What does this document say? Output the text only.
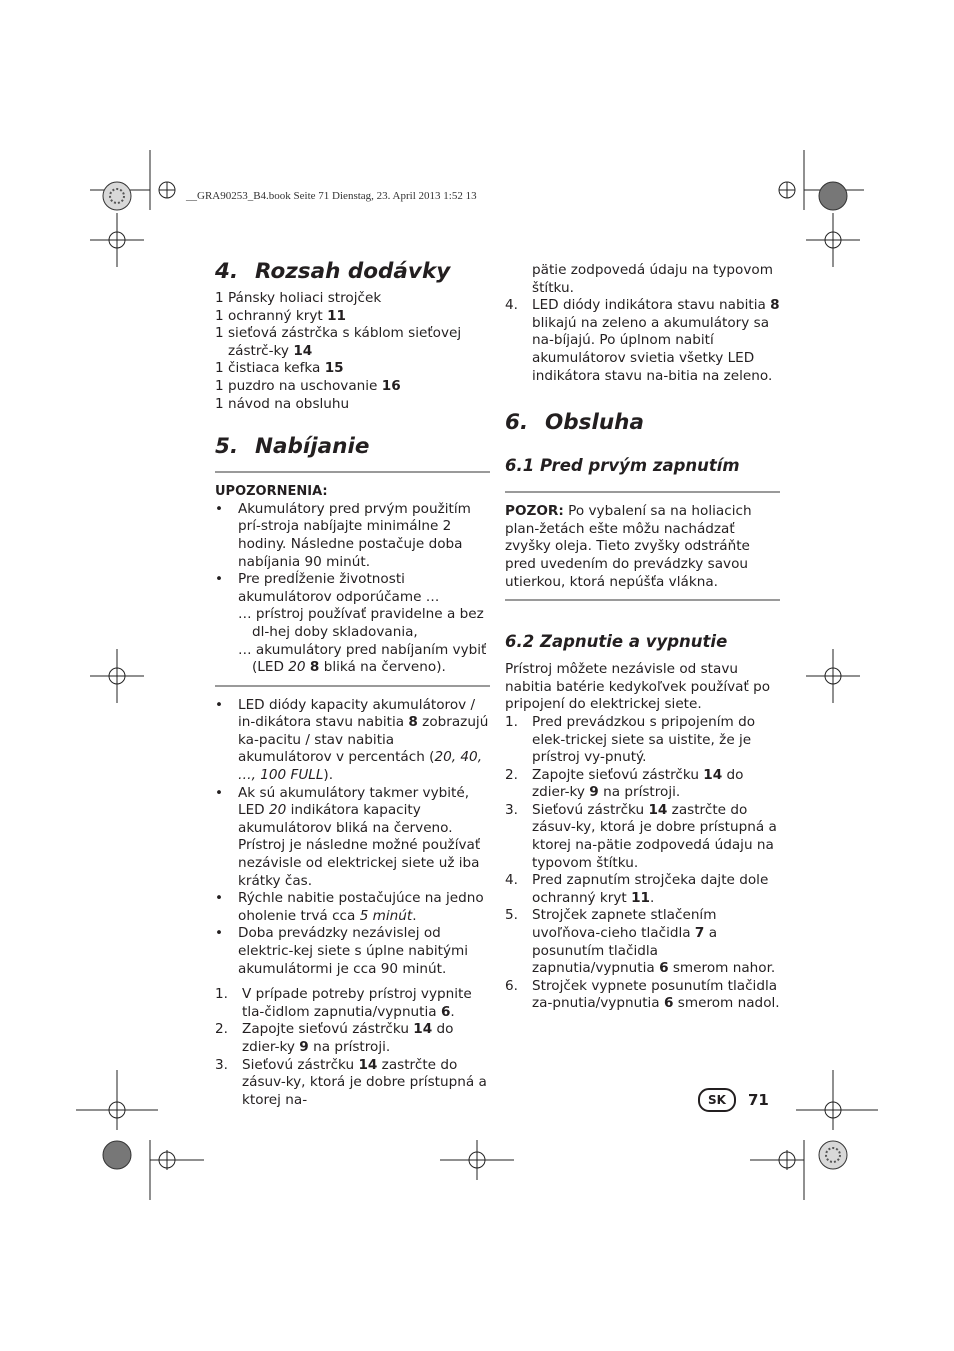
__GRA90253_B4.book Seite 71 Dienstag, 23. April 2013 1:52 13
4. Rozsah dodávky

1 Pánsky holiaci strojček

1 ochranný kryt 11

1 sieťová zástrčka s káblom sieťovej zástrč-ky 14

1 čistiaca kefka 15

1 puzdro na uschovanie 16

1 návod na obsluhu

5. Nabíjanie

UPOZORNENIA:

• Akumulátory pred prvým použitím prí-stroja nabíjajte minimálne 2 hodiny. Následne postačuje doba nabíjania 90 minút.
• Pre predĺženie životnosti akumulátorov odporúčame …

… prístroj používať pravidelne a bez dl-hej doby skladovania,

… akumulátory pred nabíjaním vybiť (LED 20 8 bliká na červeno).

• LED diódy kapacity akumulátorov / in-dikátora stavu nabitia 8 zobrazujú ka-pacitu / stav nabitia akumulátorov v percentách (20, 40, …, 100 FULL).
• Ak sú akumulátory takmer vybité, LED 20 indikátora kapacity akumulátorov bliká na červeno. Prístroj je následne možné používať nezávisle od elektrickej siete už iba krátky čas.
• Rýchle nabitie postačujúce na jedno oholenie trvá cca 5 minút.
• Doba prevádzky nezávislej od elektric-kej siete s úplne nabitými akumulátormi je cca 90 minút.
1. V prípade potreby prístroj vypnite tla-čidlom zapnutia/vypnutia 6.
2. Zapojte sieťovú zástrčku 14 do zdier-ky 9 na prístroji.
3. Sieťovú zástrčku 14 zastrčte do zásuv-ky, ktorá je dobre prístupná a ktorej na-
pätie zodpovedá údaju na typovom štítku.
4. LED diódy indikátora stavu nabitia 8 blikajú na zeleno a akumulátory sa na-bíjajú. Po úplnom nabití akumulátorov svietia všetky LED indikátora stavu na-bitia na zeleno.
6. Obsluha
6.1 Pred prvým zapnutím

POZOR: Po vybalení sa na holiacich plan-žetách ešte môžu nachádzať zvyšky oleja. Tieto zvyšky odstráňte pred uvedením do prevádzky savou utierkou, ktorá nepúšťa vlákna.

6.2 Zapnutie a vypnutie

Prístroj môžete nezávisle od stavu nabitia batérie kedykoľvek používať po pripojení do elektrickej siete.

1. Pred prevádzkou s pripojením do elek-trickej siete sa uistite, že je prístroj vy-pnutý.
2. Zapojte sieťovú zástrčku 14 do zdier-ky 9 na prístroji.
3. Sieťovú zástrčku 14 zastrčte do zásuv-ky, ktorá je dobre prístupná a ktorej na-pätie zodpovedá údaju na typovom štítku.
4. Pred zapnutím strojčeka dajte dole ochranný kryt 11.
5. Strojček zapnete stlačením uvoľňova-cieho tlačidla 7 a posunutím tlačidla zapnutia/vypnutia 6 smerom nahor.
6. Strojček vypnete posunutím tlačidla za-pnutia/vypnutia 6 smerom nadol.
SK 71
